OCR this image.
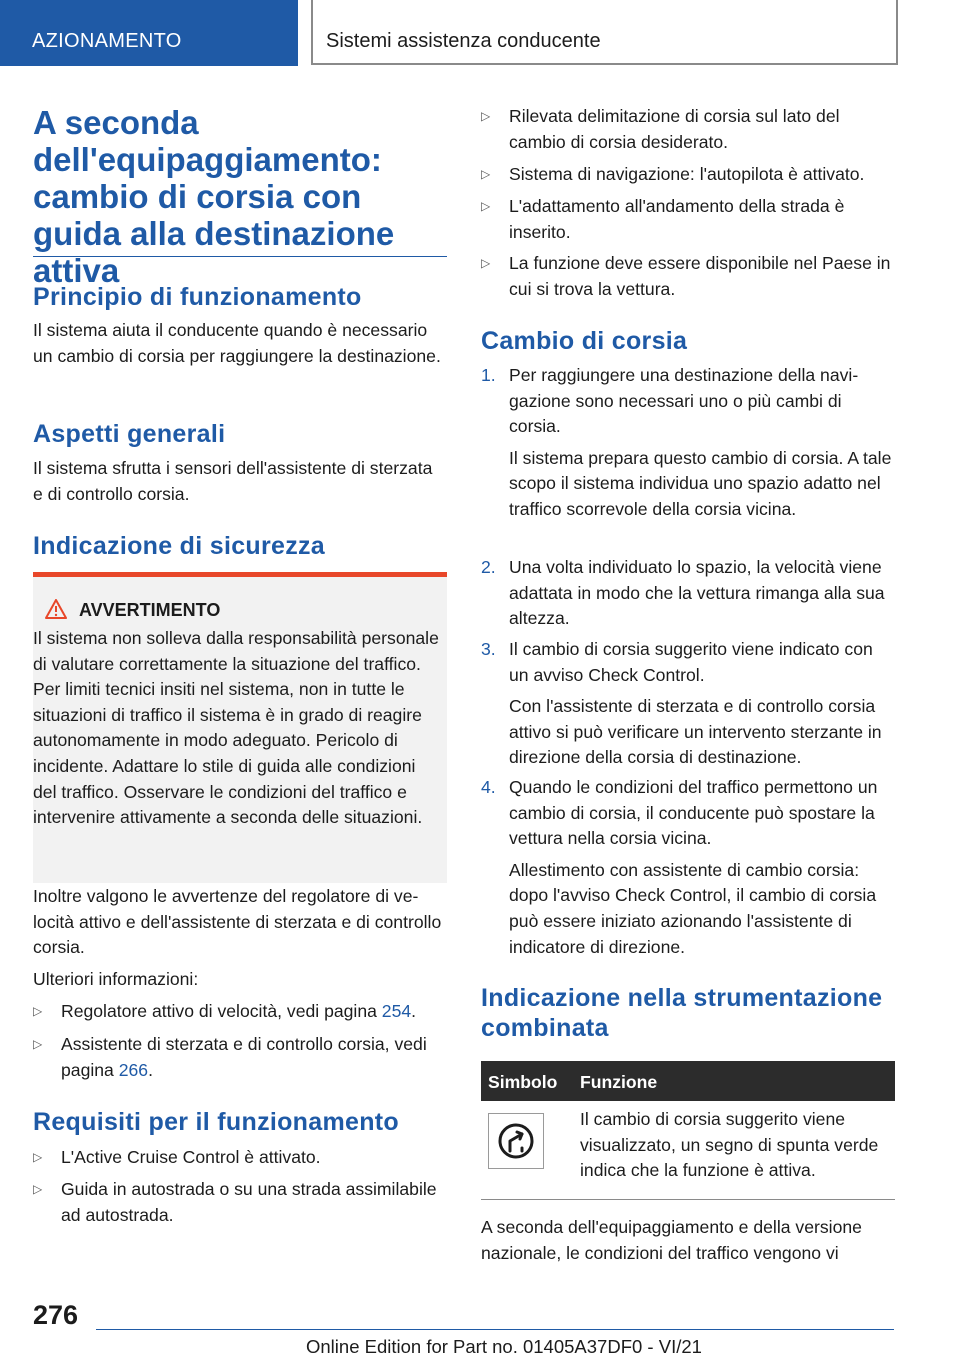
AZIONAMENTO	Sistemi assistenza conducente
A seconda dell'equipaggiamento: cambio di corsia con guida alla destinazione attiva
Principio di funzionamento
Il sistema aiuta il conducente quando è necessario un cambio di corsia per raggiungere la destinazione.
Aspetti generali
Il sistema sfrutta i sensori dell'assistente di sterzata e di controllo corsia.
Indicazione di sicurezza
AVVERTIMENTO
Il sistema non solleva dalla responsabilità personale di valutare correttamente la situazione del traffico. Per limiti tecnici insiti nel sistema, non in tutte le situazioni di traffico il sistema è in grado di reagire autonomamente in modo adeguato. Pericolo di incidente. Adattare lo stile di guida alle condizioni del traffico. Osservare le condizioni del traffico e intervenire attivamente a seconda delle situazioni.
Inoltre valgono le avvertenze del regolatore di velocità attivo e dell'assistente di sterzata e di controllo corsia.
Ulteriori informazioni:
▷ Regolatore attivo di velocità, vedi pagina 254.
▷ Assistente di sterzata e di controllo corsia, vedi pagina 266.
Requisiti per il funzionamento
▷ L'Active Cruise Control è attivato.
▷ Guida in autostrada o su una strada assimilabile ad autostrada.
▷ Rilevata delimitazione di corsia sul lato del cambio di corsia desiderato.
▷ Sistema di navigazione: l'autopilota è attivato.
▷ L'adattamento all'andamento della strada è inserito.
▷ La funzione deve essere disponibile nel Paese in cui si trova la vettura.
Cambio di corsia
1. Per raggiungere una destinazione della navigazione sono necessari uno o più cambi di corsia.
Il sistema prepara questo cambio di corsia. A tale scopo il sistema individua uno spazio adatto nel traffico scorrevole della corsia vicina.
2. Una volta individuato lo spazio, la velocità viene adattata in modo che la vettura rimanga alla sua altezza.
3. Il cambio di corsia suggerito viene indicato con un avviso Check Control.
Con l'assistente di sterzata e di controllo corsia attivo si può verificare un intervento sterzante in direzione della corsia di destinazione.
4. Quando le condizioni del traffico permettono un cambio di corsia, il conducente può spostare la vettura nella corsia vicina.
Allestimento con assistente di cambio corsia: dopo l'avviso Check Control, il cambio di corsia può essere iniziato azionando l'assistente di indicatore di direzione.
Indicazione nella strumentazione combinata
Simbolo Funzione
Il cambio di corsia suggerito viene visualizzato, un segno di spunta verde indica che la funzione è attiva.
A seconda dell'equipaggiamento e della versione nazionale, le condizioni del traffico vengono vi
276
Online Edition for Part no. 01405A37DF0 - VI/21
